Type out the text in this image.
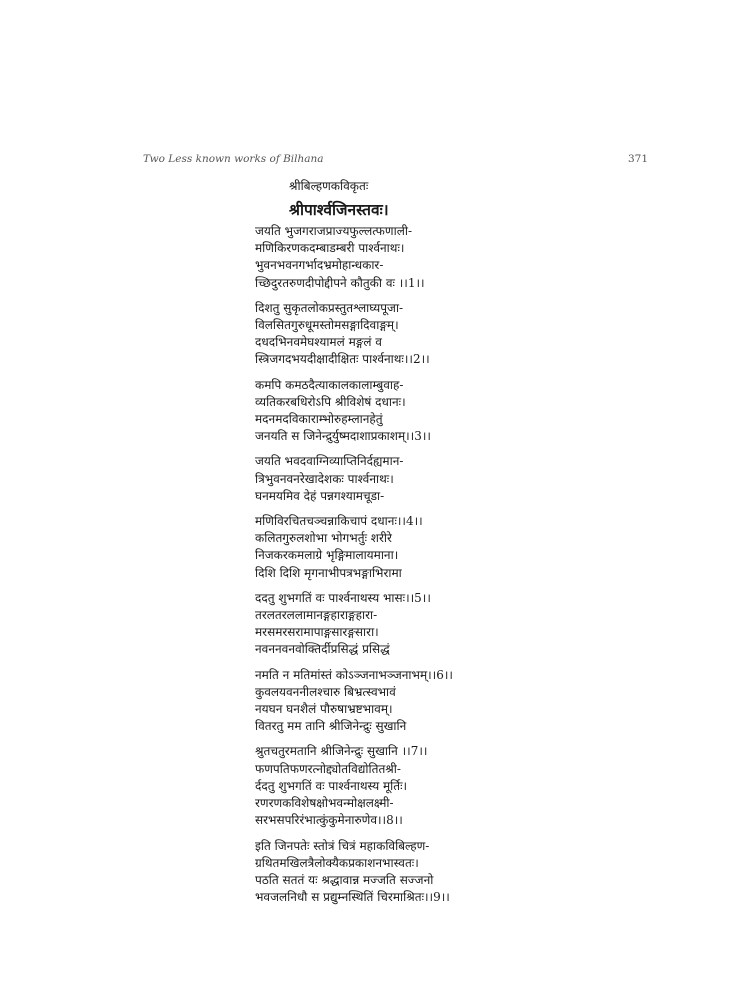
Two Less known works of Bilhana	371
श्रीबिल्हणकविकृतः
श्रीपार्श्वजिनस्तवः।
जयति भुजगराजप्राज्यफुल्लत्फणाली-
मणिकिरणकदम्बाडम्बरी पार्श्वनाथः।
भुवनभवनगर्भादभ्रमोहान्धकार-
च्छिदुरतरुणदीपोद्दीपने कौतुकी वः ।।1।।
दिशतु सुकृतलोकप्रस्तुतश्लाघ्यपूजा-
विलसितगुरुधूमस्तोमसङ्गादिवाङ्गम्।
दधदभिनवमेघश्यामलं मङ्गलं व
स्त्रिजगदभयदीक्षादीक्षितः पार्श्वनाथः।।2।।
कमपि कमठदैत्याकालकालाम्बुवाह-
व्यतिकरबधिरोऽपि श्रीविशेषं दधानः।
मदनमदविकाराम्भोरुहम्लानहेतुं
जनयति स जिनेन्द्रुर्युष्मदाशाप्रकाशम्।।3।।
जयति भवदवाग्निव्याप्तिनिर्दह्यमान-
त्रिभुवनवनरेखादेशकः पार्श्वनाथः।
घनमयमिव देहं पन्नगश्यामचूडा-
मणिविरचितचञ्चन्नाकिचापं दधानः।।4।।
कलितगुरुलशोभा भोगभर्तुः शरीरे
निजकरकमलाग्रे भृङ्गिमालायमाना।
दिशि दिशि मृगनाभीपत्रभङ्गाभिरामा
ददतु शुभगतिं वः पार्श्वनाथस्य भासः।।5।।
तरलतरललामानङ्गहाराङ्गहारा-
मरसमरसरामापाङ्गसारङ्गसारा।
नवननवनवोक्तिर्दीप्रसिद्धं प्रसिद्धं
नमति न मतिमांस्तं कोऽञ्जनाभञ्जनाभम्।।6।।
कुवलयवननीलश्चारु बिभ्रत्स्वभावं
नयघन घनशैलं पौरुषाभ्रष्टभावम्।
वितरतु मम तानि श्रीजिनेन्द्रुः सुखानि
श्रुतचतुरमतानि श्रीजिनेन्द्रुः सुखानि ।।7।।
फणपतिफणरत्नोद्द्योतविद्योतितश्री-
र्ददतु शुभगतिं वः पार्श्वनाथस्य मूर्तिः।
रणरणकविशेषक्षोभवन्मोक्षलक्ष्मी-
सरभसपरिरंभात्कुंकुमेनारुणेव।।8।।
इति जिनपतेः स्तोत्रं चित्रं महाकविबिल्हण-
ग्रथितमखिलत्रैलोक्यैकप्रकाशनभास्वतः।
पठति सततं यः श्रद्धावान्न मज्जति सज्जनो
भवजलनिधौ स प्रद्युम्नस्थितिं चिरमाश्रितः।।9।।
